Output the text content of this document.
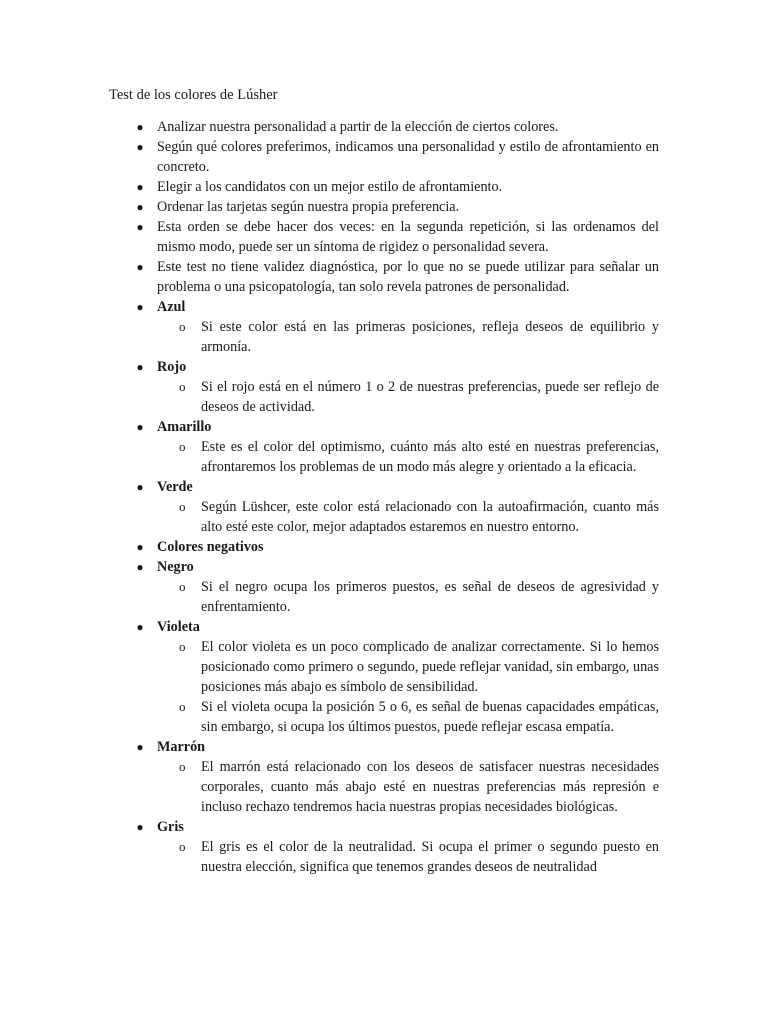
Test de los colores de Lúsher
● Analizar nuestra personalidad a partir de la elección de ciertos colores.
● Según qué colores preferimos, indicamos una personalidad y estilo de afrontamiento en concreto.
● Elegir a los candidatos con un mejor estilo de afrontamiento.
● Ordenar las tarjetas según nuestra propia preferencia.
● Esta orden se debe hacer dos veces: en la segunda repetición, si las ordenamos del mismo modo, puede ser un síntoma de rigidez o personalidad severa.
● Este test no tiene validez diagnóstica, por lo que no se puede utilizar para señalar un problema o una psicopatología, tan solo revela patrones de personalidad.
● Azul
o Si este color está en las primeras posiciones, refleja deseos de equilibrio y armonía.
● Rojo
o Si el rojo está en el número 1 o 2 de nuestras preferencias, puede ser reflejo de deseos de actividad.
● Amarillo
o Este es el color del optimismo, cuánto más alto esté en nuestras preferencias, afrontaremos los problemas de un modo más alegre y orientado a la eficacia.
● Verde
o Según Lüshcer, este color está relacionado con la autoafirmación, cuanto más alto esté este color, mejor adaptados estaremos en nuestro entorno.
● Colores negativos
● Negro
o Si el negro ocupa los primeros puestos, es señal de deseos de agresividad y enfrentamiento.
● Violeta
o El color violeta es un poco complicado de analizar correctamente. Si lo hemos posicionado como primero o segundo, puede reflejar vanidad, sin embargo, unas posiciones más abajo es símbolo de sensibilidad.
o Si el violeta ocupa la posición 5 o 6, es señal de buenas capacidades empáticas, sin embargo, si ocupa los últimos puestos, puede reflejar escasa empatía.
● Marrón
o El marrón está relacionado con los deseos de satisfacer nuestras necesidades corporales, cuanto más abajo esté en nuestras preferencias más represión e incluso rechazo tendremos hacia nuestras propias necesidades biológicas.
● Gris
o El gris es el color de la neutralidad. Si ocupa el primer o segundo puesto en nuestra elección, significa que tenemos grandes deseos de neutralidad
